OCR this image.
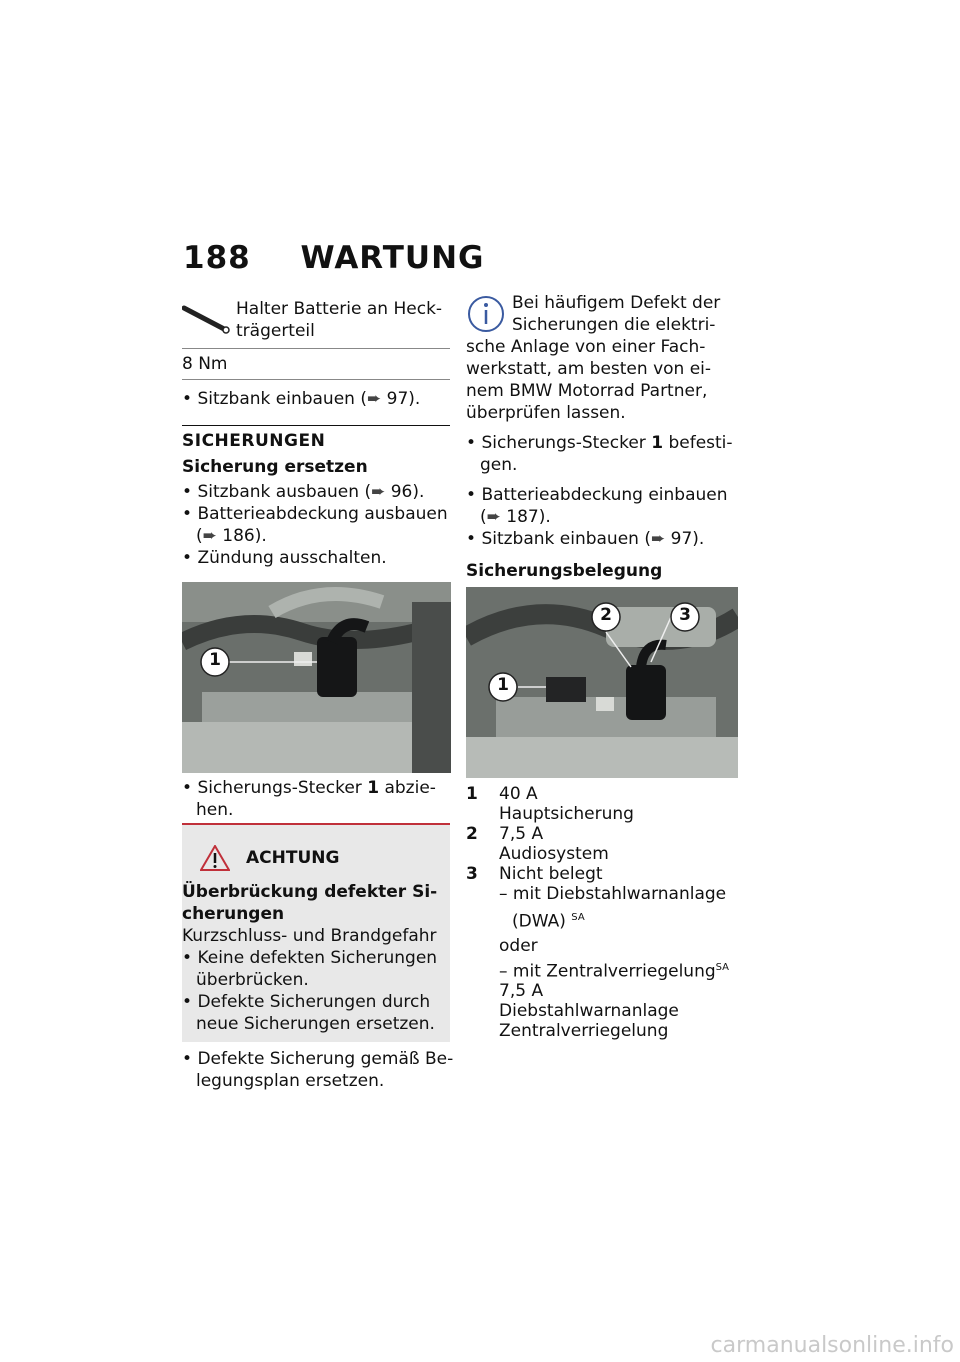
188 WARTUNG
Halter Batterie an Heck-
trägerteil
8 Nm
• Sitzbank einbauen (➨ 97).
SICHERUNGEN
Sicherung ersetzen
• Sitzbank ausbauen (➨ 96).
• Batterieabdeckung ausbauen
(➨ 186).
• Zündung ausschalten.
1
• Sicherungs-Stecker 1 abzie-
hen.
ACHTUNG
Überbrückung defekter Si-
cherungen
Kurzschluss- und Brandgefahr
• Keine defekten Sicherungen
überbrücken.
• Defekte Sicherungen durch
neue Sicherungen ersetzen.
• Defekte Sicherung gemäß Be-
legungsplan ersetzen.
Bei häufigem Defekt der
Sicherungen die elektri-
sche Anlage von einer Fach-
werkstatt, am besten von ei-
nem BMW Motorrad Partner,
überprüfen lassen.
• Sicherungs-Stecker 1 befesti-
gen.
• Batterieabdeckung einbauen
(➨ 187).
• Sitzbank einbauen (➨ 97).
Sicherungsbelegung
1
2	3
1	40 A
Hauptsicherung
2	7,5 A
Audiosystem
3	Nicht belegt
– mit Diebstahlwarnanlage
(DWA) $^{SA}$
oder
– mit Zentralverriegelung$^{SA}$
7,5 A
Diebstahlwarnanlage
Zentralverriegelung
carmanualsonline.info
